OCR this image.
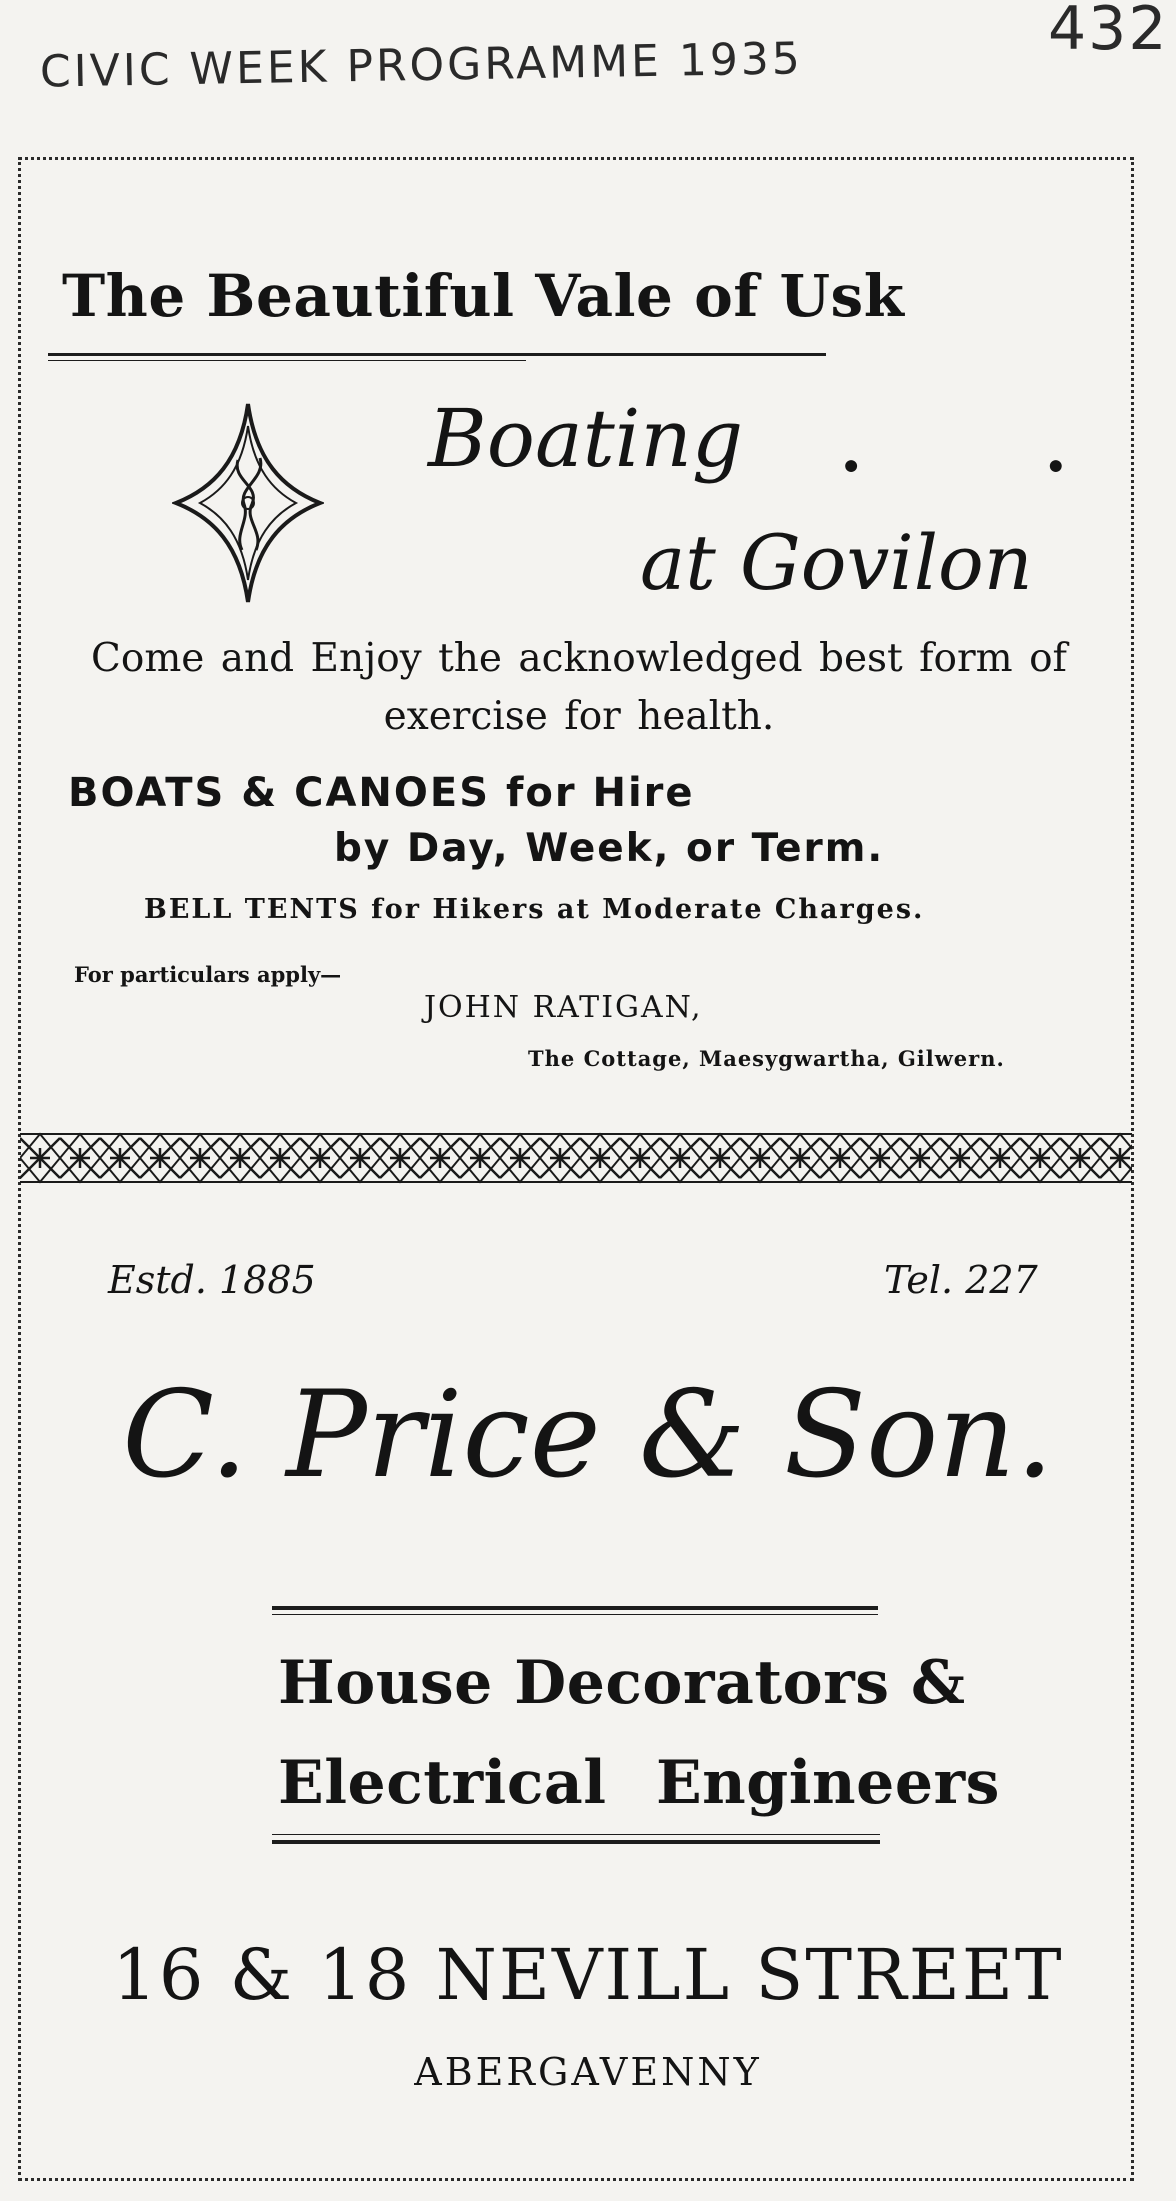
CIVIC WEEK PROGRAMME 1935
432
The Beautiful Vale of Usk
Boating . .
at Govilon
Come and Enjoy the acknowledged best form of exercise for health.
BOATS & CANOES for Hire
by Day, Week, or Term.
BELL TENTS for Hikers at Moderate Charges.
For particulars apply—
JOHN RATIGAN,
The Cottage, Maesygwartha, Gilwern.
Estd. 1885	Tel. 227
C. Price & Son.
House Decorators &
Electrical Engineers
16 & 18 NEVILL STREET
ABERGAVENNY
